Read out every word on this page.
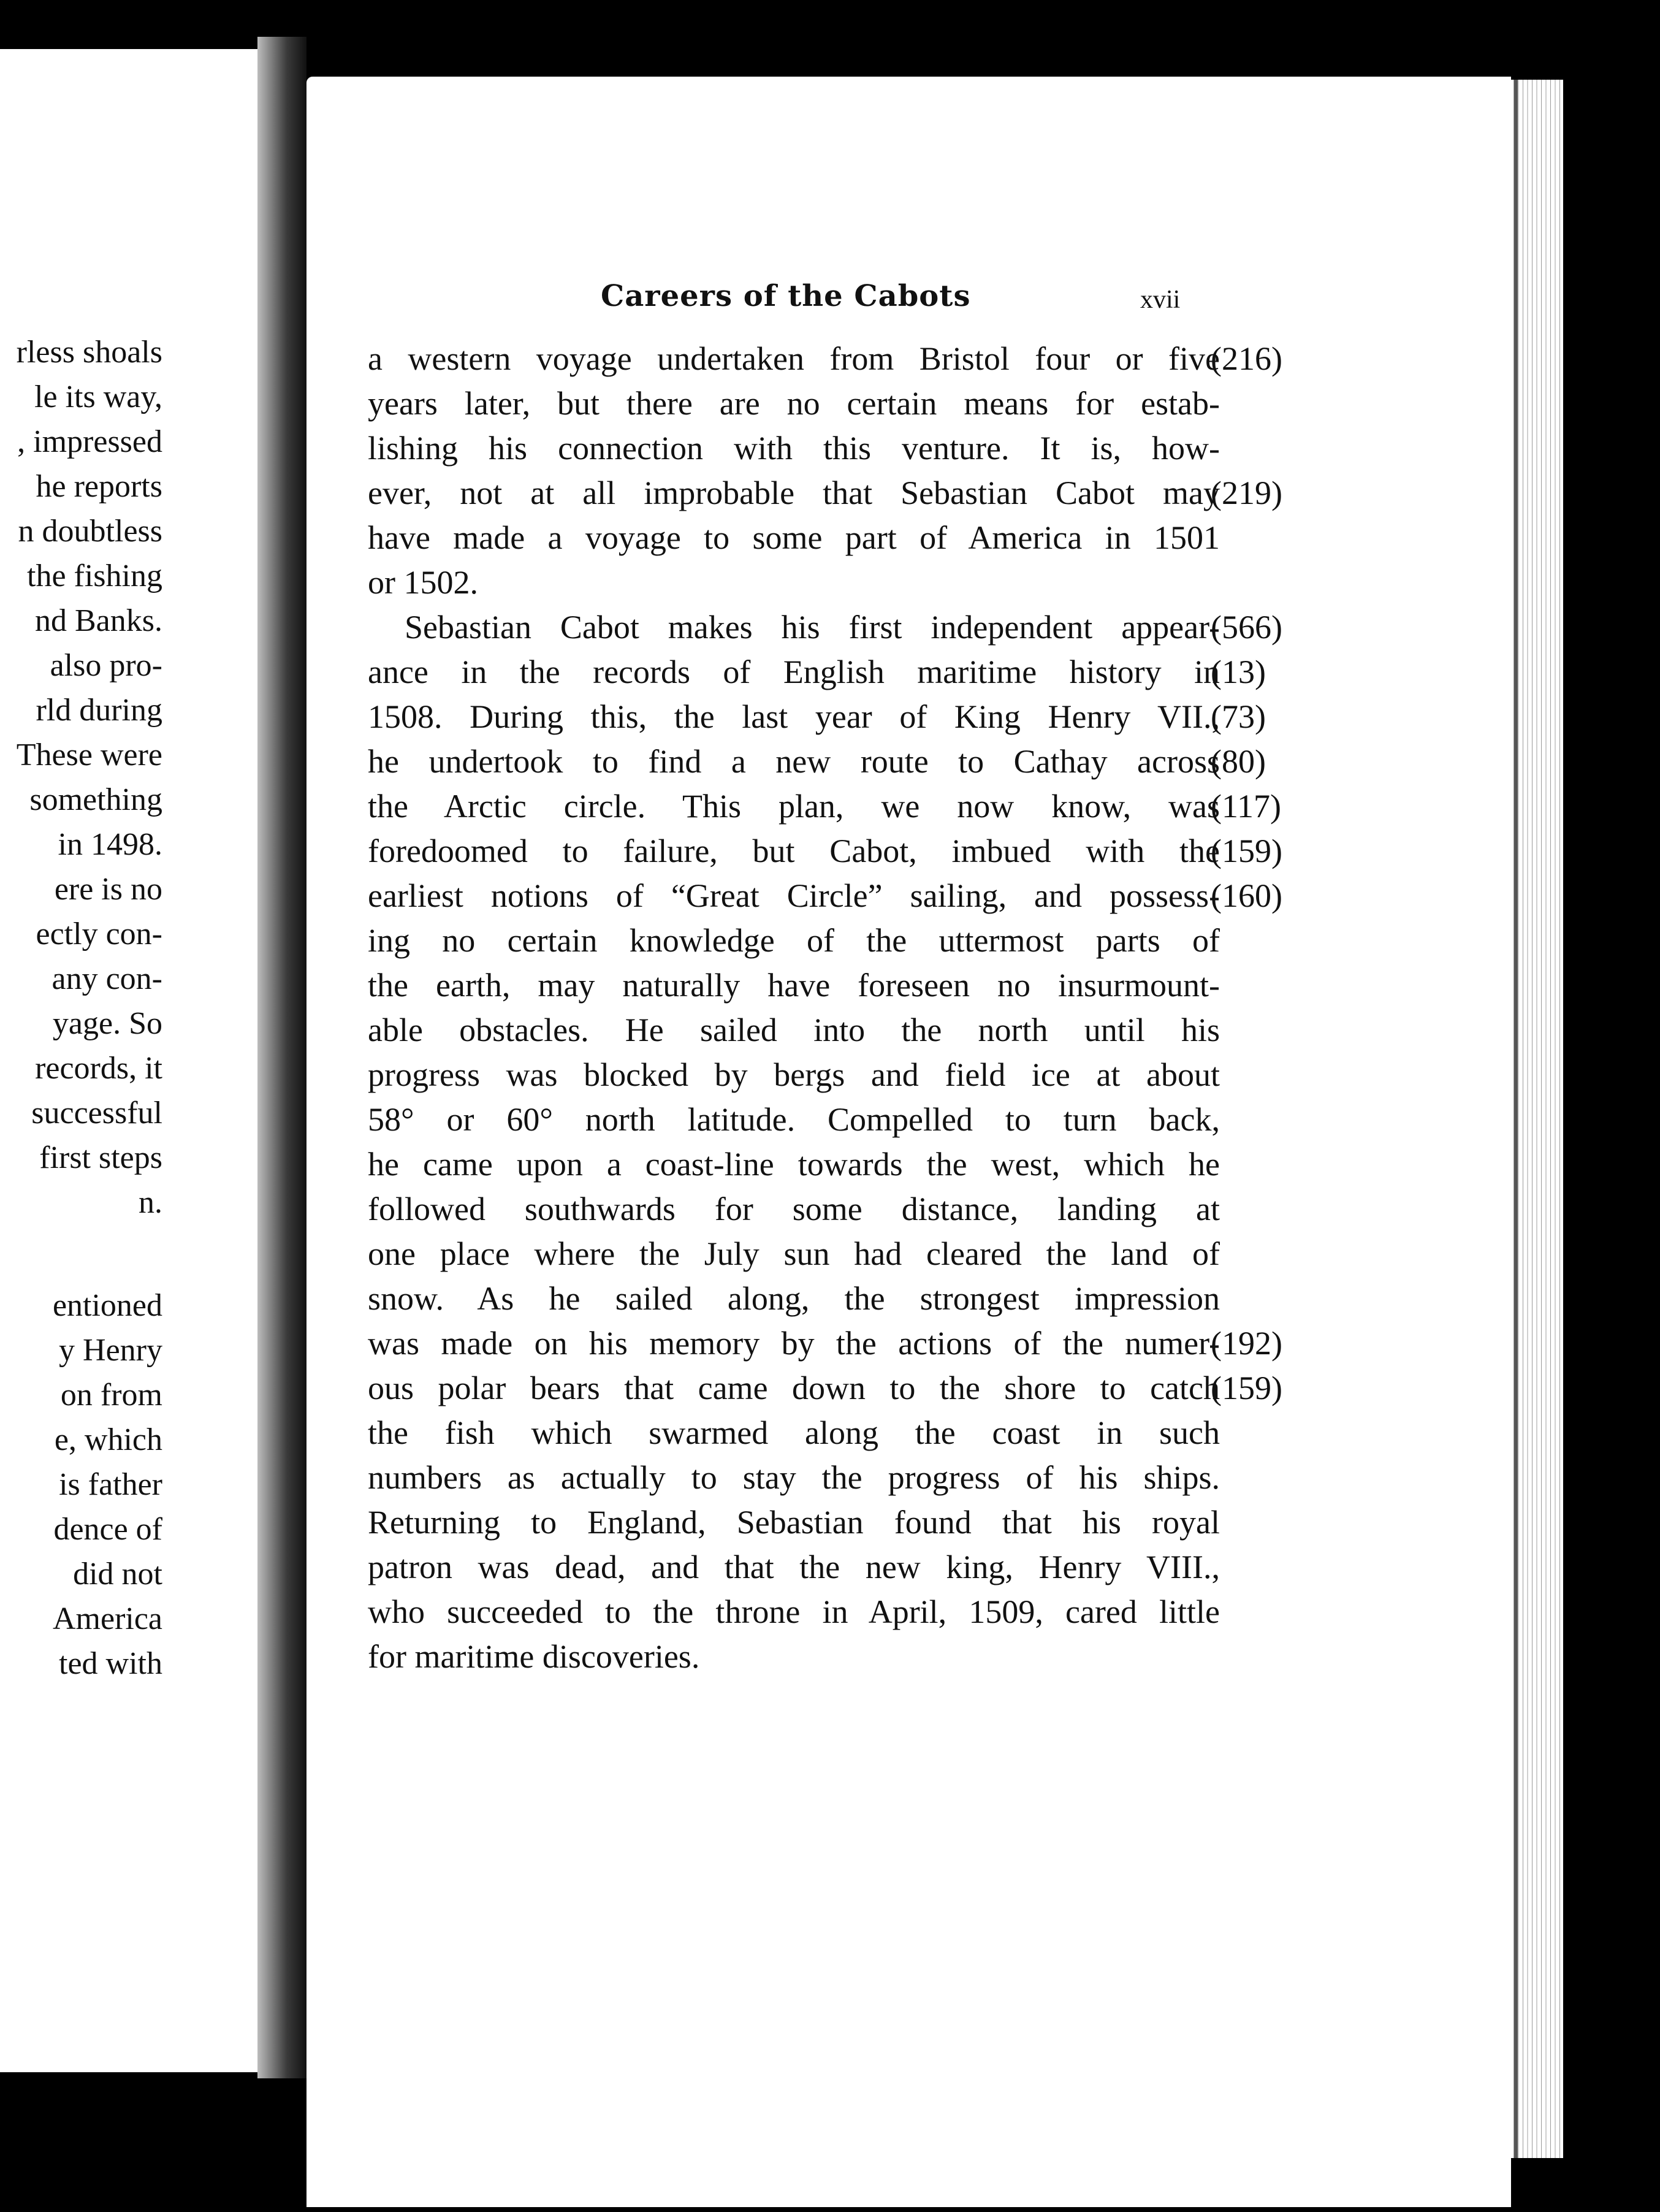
rless shoals
le its way,
, impressed
he reports
n doubtless
the fishing
nd Banks.
also pro-
rld during
These were
something
in 1498.
ere is no
ectly con-
any con-
yage. So
records, it
successful
first steps
n.
entioned
y Henry
on from
e, which
is father
dence of
did not
America
ted with
Careers of the Cabots	xvii
a western voyage undertaken from Bristol four or five
years later, but there are no certain means for estab-
lishing his connection with this venture. It is, how-
ever, not at all improbable that Sebastian Cabot may
have made a voyage to some part of America in 1501
or 1502.
Sebastian Cabot makes his first independent appear-
ance in the records of English maritime history in
1508. During this, the last year of King Henry VII.,
he undertook to find a new route to Cathay across
the Arctic circle. This plan, we now know, was
foredoomed to failure, but Cabot, imbued with the
earliest notions of “Great Circle” sailing, and possess-
ing no certain knowledge of the uttermost parts of
the earth, may naturally have foreseen no insurmount-
able obstacles. He sailed into the north until his
progress was blocked by bergs and field ice at about
58° or 60° north latitude. Compelled to turn back,
he came upon a coast-line towards the west, which he
followed southwards for some distance, landing at
one place where the July sun had cleared the land of
snow. As he sailed along, the strongest impression
was made on his memory by the actions of the numer-
ous polar bears that came down to the shore to catch
the fish which swarmed along the coast in such
numbers as actually to stay the progress of his ships.
Returning to England, Sebastian found that his royal
patron was dead, and that the new king, Henry VIII.,
who succeeded to the throne in April, 1509, cared little
for maritime discoveries.
(216)
(219)
(566)
(13)
(73)
(80)
(117)
(159)
(160)
(192)
(159)
